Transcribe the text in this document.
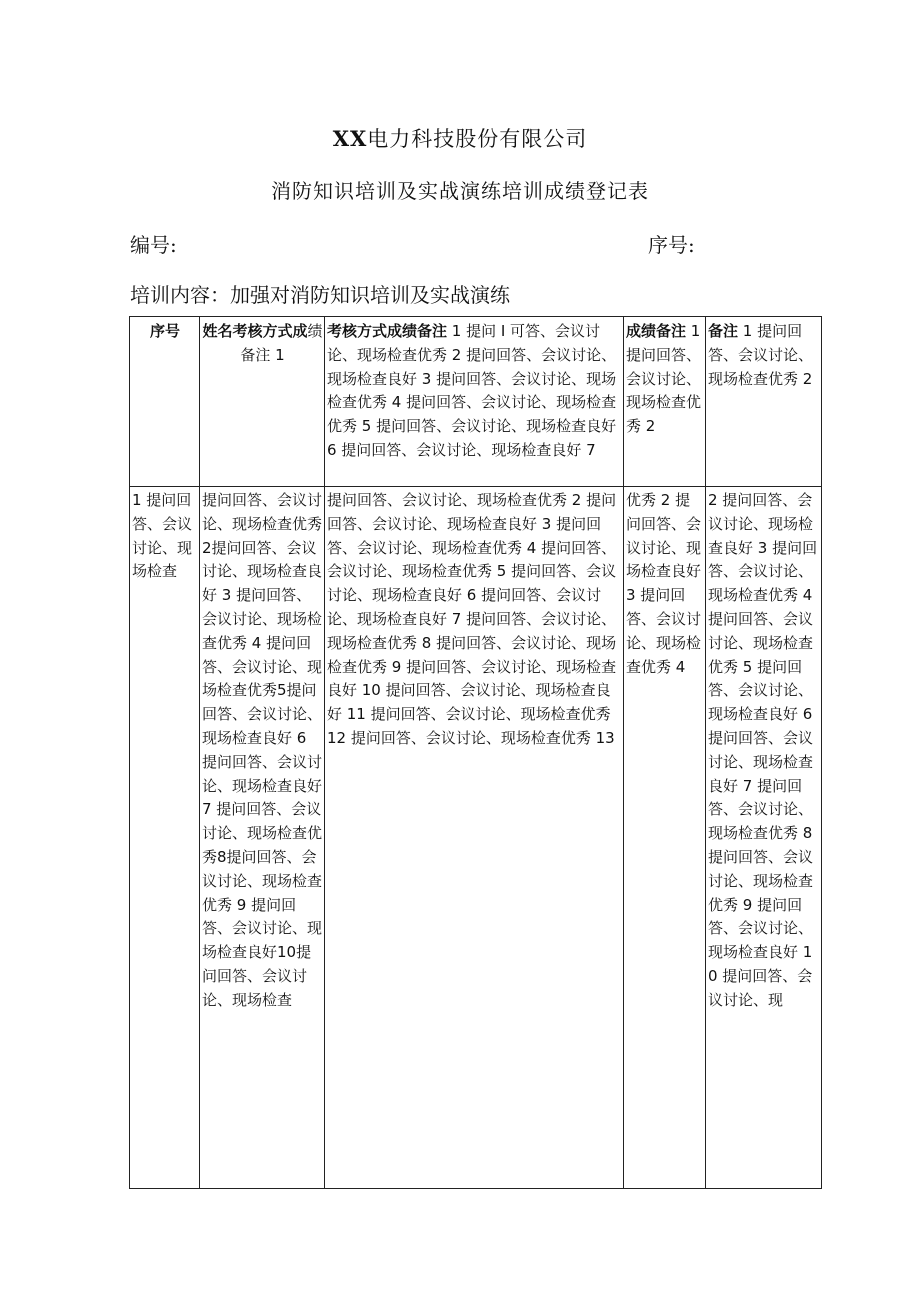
XX电力科技股份有限公司
消防知识培训及实战演练培训成绩登记表
编号:	序号:
培训内容：加强对消防知识培训及实战演练
序号	姓名考核方式成绩备注 1	考核方式成绩备注 1 提问 I 可答、会议讨论、现场检查优秀 2 提问回答、会议讨论、现场检查良好 3 提问回答、会议讨论、现场检查优秀 4 提问回答、会议讨论、现场检查优秀 5 提问回答、会议讨论、现场检查良好 6 提问回答、会议讨论、现场检查良好 7	成绩备注 1 提问回答、会议讨论、现场检查优秀 2	备注 1 提问回答、会议讨论、现场检查优秀 2
1 提问回答、会议讨论、现场检查	提问回答、会议讨论、现场检查优秀2提问回答、会议讨论、现场检查良好 3 提问回答、会议讨论、现场检查优秀 4 提问回答、会议讨论、现场检查优秀5提问回答、会议讨论、现场检查良好 6 提问回答、会议讨论、现场检查良好 7 提问回答、会议讨论、现场检查优秀8提问回答、会议讨论、现场检查优秀 9 提问回答、会议讨论、现场检查良好10提问回答、会议讨论、现场检查	提问回答、会议讨论、现场检查优秀 2 提问回答、会议讨论、现场检查良好 3 提问回答、会议讨论、现场检查优秀 4 提问回答、会议讨论、现场检查优秀 5 提问回答、会议讨论、现场检查良好 6 提问回答、会议讨论、现场检查良好 7 提问回答、会议讨论、现场检查优秀 8 提问回答、会议讨论、现场检查优秀 9 提问回答、会议讨论、现场检查良好 10 提问回答、会议讨论、现场检查良好 11 提问回答、会议讨论、现场检查优秀 12 提问回答、会议讨论、现场检查优秀 13	优秀 2 提问回答、会议讨论、现场检查良好 3 提问回答、会议讨论、现场检查优秀 4	2 提问回答、会议讨论、现场检查良好 3 提问回答、会议讨论、现场检查优秀 4 提问回答、会议讨论、现场检查优秀 5 提问回答、会议讨论、现场检查良好 6 提问回答、会议讨论、现场检查良好 7 提问回答、会议讨论、现场检查优秀 8 提问回答、会议讨论、现场检查优秀 9 提问回答、会议讨论、现场检查良好 10 提问回答、会议讨论、现
